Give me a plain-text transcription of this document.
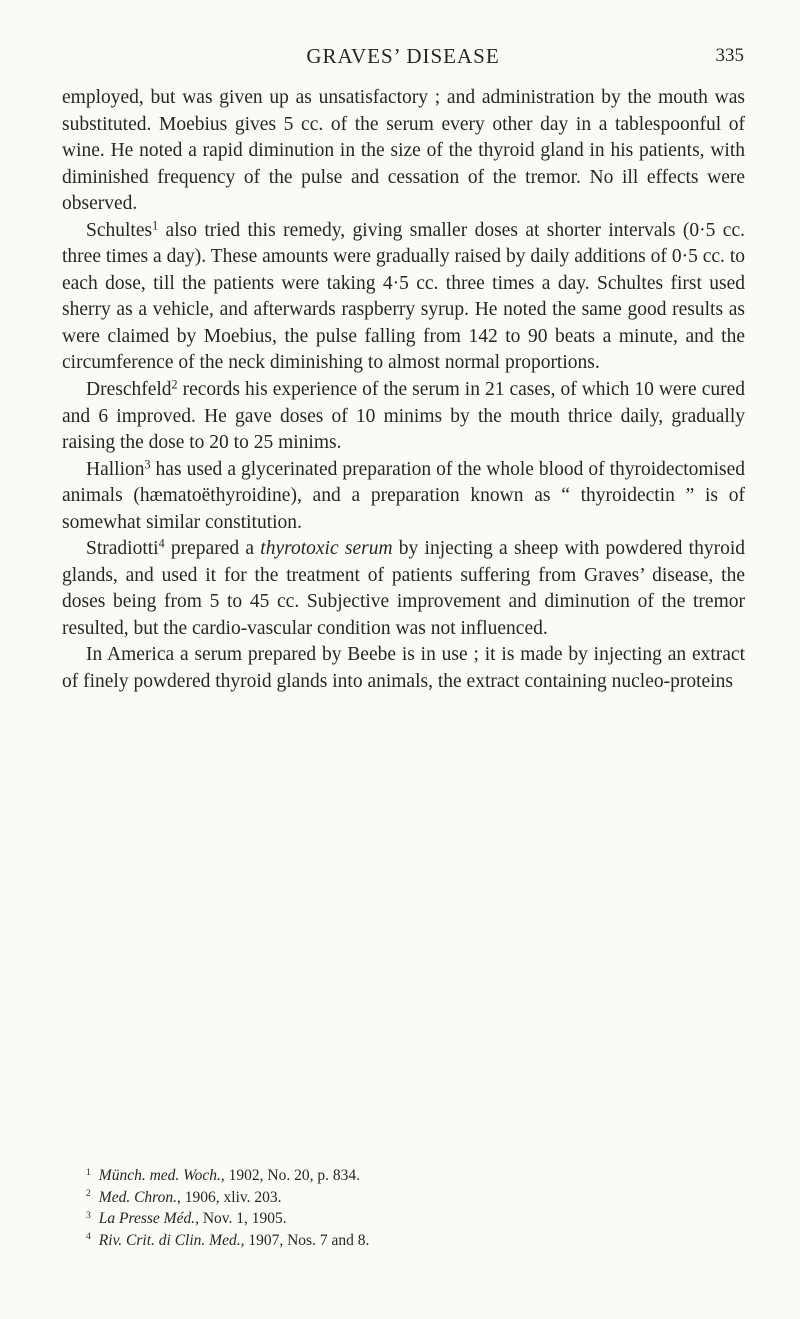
GRAVES’ DISEASE	335

employed, but was given up as unsatisfactory ; and administration by the mouth was substituted. Moebius gives 5 cc. of the serum every other day in a tablespoonful of wine. He noted a rapid diminution in the size of the thyroid gland in his patients, with diminished frequency of the pulse and cessation of the tremor. No ill effects were observed.

Schultes$^1$ also tried this remedy, giving smaller doses at shorter intervals (0·5 cc. three times a day). These amounts were gradually raised by daily additions of 0·5 cc. to each dose, till the patients were taking 4·5 cc. three times a day. Schultes first used sherry as a vehicle, and afterwards raspberry syrup. He noted the same good results as were claimed by Moebius, the pulse falling from 142 to 90 beats a minute, and the circumference of the neck diminishing to almost normal proportions.

Dreschfeld$^2$ records his experience of the serum in 21 cases, of which 10 were cured and 6 improved. He gave doses of 10 minims by the mouth thrice daily, gradually raising the dose to 20 to 25 minims.

Hallion$^3$ has used a glycerinated preparation of the whole blood of thyroidectomised animals (hæmatoëthyroidine), and a preparation known as “ thyroidectin ” is of somewhat similar constitution.

Stradiotti$^4$ prepared a thyrotoxic serum by injecting a sheep with powdered thyroid glands, and used it for the treatment of patients suffering from Graves’ disease, the doses being from 5 to 45 cc. Subjective improvement and diminution of the tremor resulted, but the cardio-vascular condition was not influenced.

In America a serum prepared by Beebe is in use ; it is made by injecting an extract of finely powdered thyroid glands into animals, the extract containing nucleo-proteins

$^1$ Münch. med. Woch., 1902, No. 20, p. 834.
$^2$ Med. Chron., 1906, xliv. 203.
$^3$ La Presse Méd., Nov. 1, 1905.
$^4$ Riv. Crit. di Clin. Med., 1907, Nos. 7 and 8.
